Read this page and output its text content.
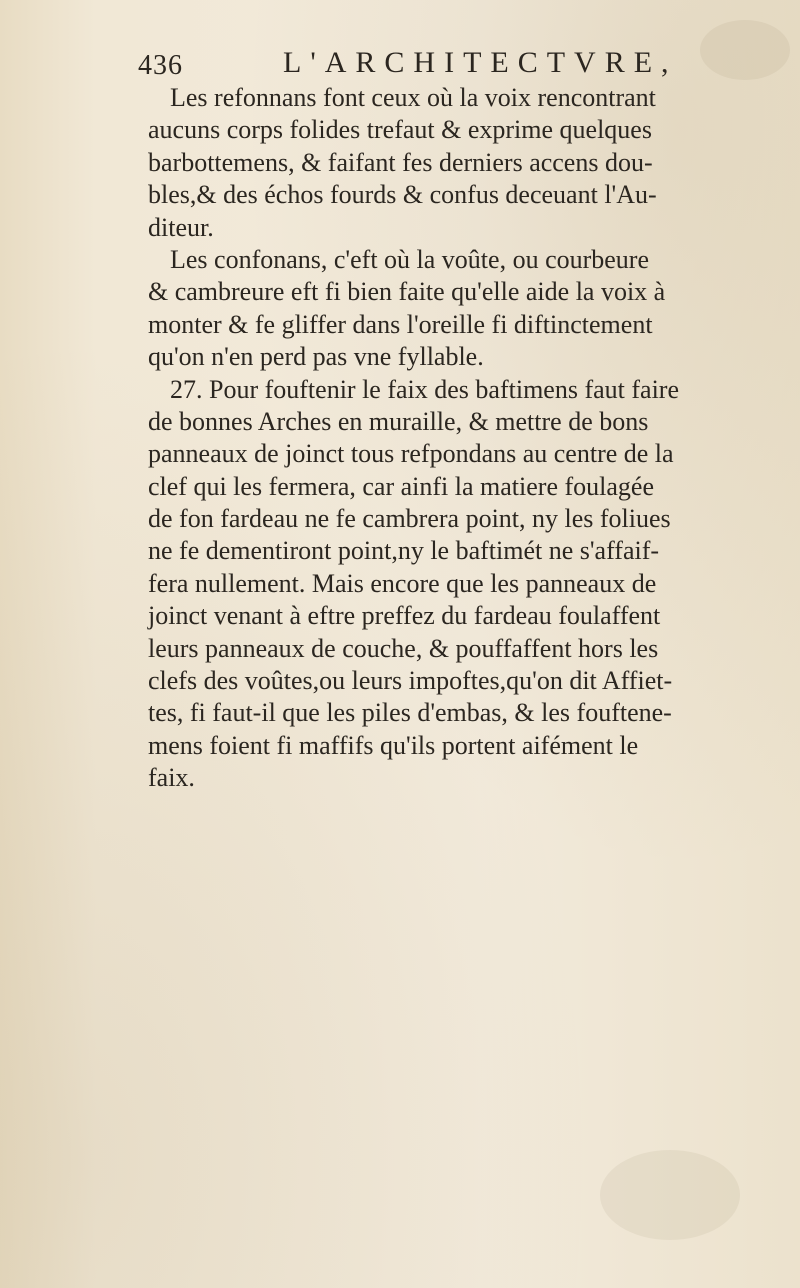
436	L'ARCHITECTVRE,
Les refonnans font ceux où la voix rencontrant
aucuns corps folides trefaut & exprime quelques
barbottemens, & faifant fes derniers accens dou-
bles,& des échos fourds & confus deceuant l'Au-
diteur.
Les confonans, c'eft où la voûte, ou courbeure
& cambreure eft fi bien faite qu'elle aide la voix à
monter & fe gliffer dans l'oreille fi diftinctement
qu'on n'en perd pas vne fyllable.
27. Pour fouftenir le faix des baftimens faut faire
de bonnes Arches en muraille, & mettre de bons
panneaux de joinct tous refpondans au centre de la
clef qui les fermera, car ainfi la matiere foulagée
de fon fardeau ne fe cambrera point, ny les foliues
ne fe dementiront point,ny le baftimét ne s'affaif-
fera nullement. Mais encore que les panneaux de
joinct venant à eftre preffez du fardeau foulaffent
leurs panneaux de couche, & pouffaffent hors les
clefs des voûtes,ou leurs impoftes,qu'on dit Affiet-
tes, fi faut-il que les piles d'embas, & les fouftene-
mens foient fi maffifs qu'ils portent aifément le
faix.
